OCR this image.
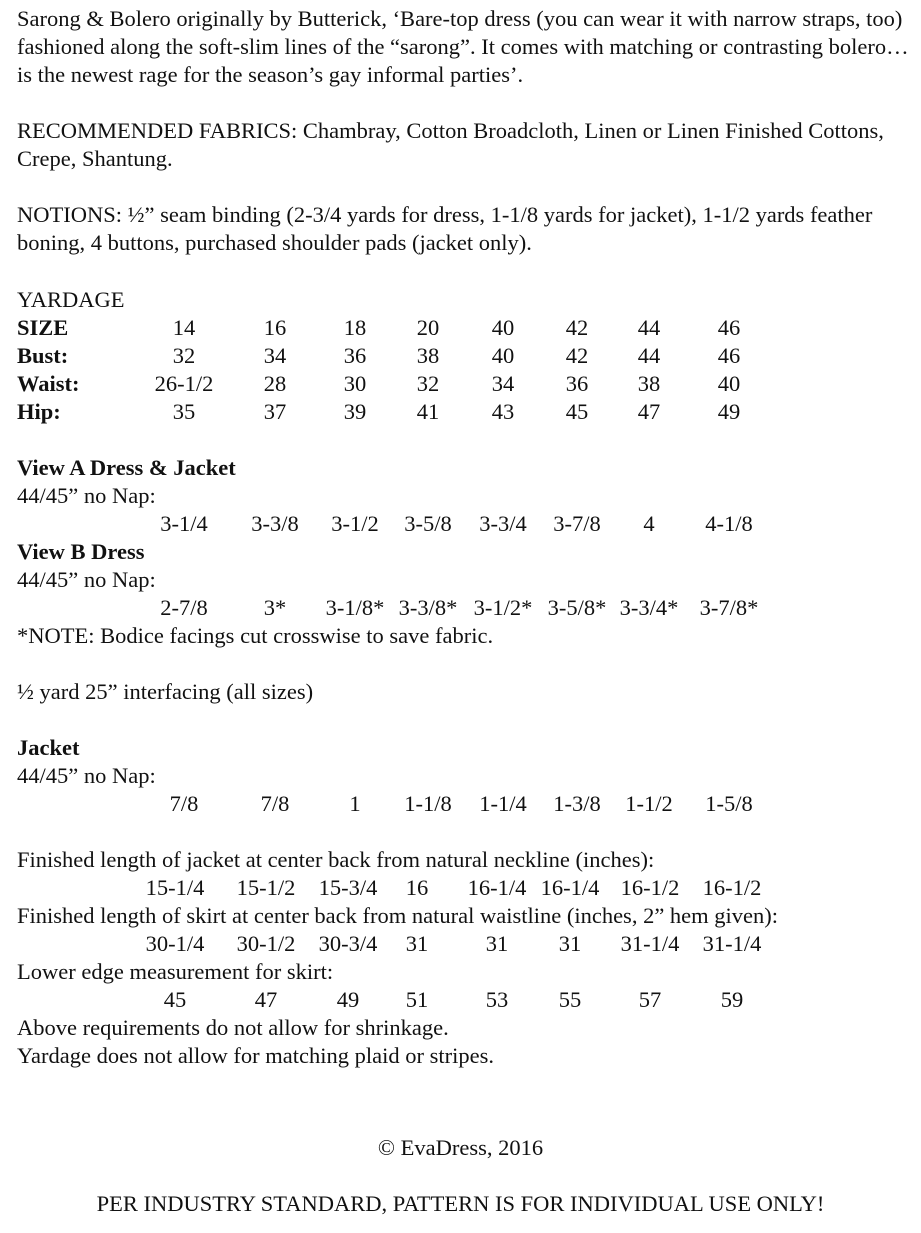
Sarong & Bolero originally by Butterick, ‘Bare-top dress (you can wear it with narrow straps, too) fashioned along the soft-slim lines of the “sarong”. It comes with matching or contrasting bolero…is the newest rage for the season’s gay informal parties’.

RECOMMENDED FABRICS: Chambray, Cotton Broadcloth, Linen or Linen Finished Cottons, Crepe, Shantung.

NOTIONS: ½” seam binding (2-3/4 yards for dress, 1-1/8 yards for jacket), 1-1/2 yards feather boning, 4 buttons, purchased shoulder pads (jacket only).

YARDAGE

SIZE	14	16	18	20	40	42	44	46
Bust:	32	34	36	38	40	42	44	46
Waist:	26-1/2	28	30	32	34	36	38	40
Hip:	35	37	39	41	43	45	47	49

View A Dress & Jacket

44/45” no Nap:

3-1/4	3-3/8	3-1/2	3-5/8	3-3/4	3-7/8	4	4-1/8

View B Dress

44/45” no Nap:

2-7/8	3*	3-1/8* 3-3/8* 3-1/2* 3-5/8* 3-3/4* 3-7/8*

*NOTE: Bodice facings cut crosswise to save fabric.

½ yard 25” interfacing (all sizes)

Jacket

44/45” no Nap:

7/8	7/8	1	1-1/8	1-1/4	1-3/8	1-1/2	1-5/8

Finished length of jacket at center back from natural neckline (inches):

15-1/4	15-1/2	15-3/4	16	16-1/4 16-1/4 16-1/2	16-1/2

Finished length of skirt at center back from natural waistline (inches, 2” hem given):

30-1/4	30-1/2	30-3/4	31	31	31	31-1/4	31-1/4

Lower edge measurement for skirt:

45	47	49	51	53	55	57	59

Above requirements do not allow for shrinkage.

Yardage does not allow for matching plaid or stripes.

© EvaDress, 2016
PER INDUSTRY STANDARD, PATTERN IS FOR INDIVIDUAL USE ONLY!
